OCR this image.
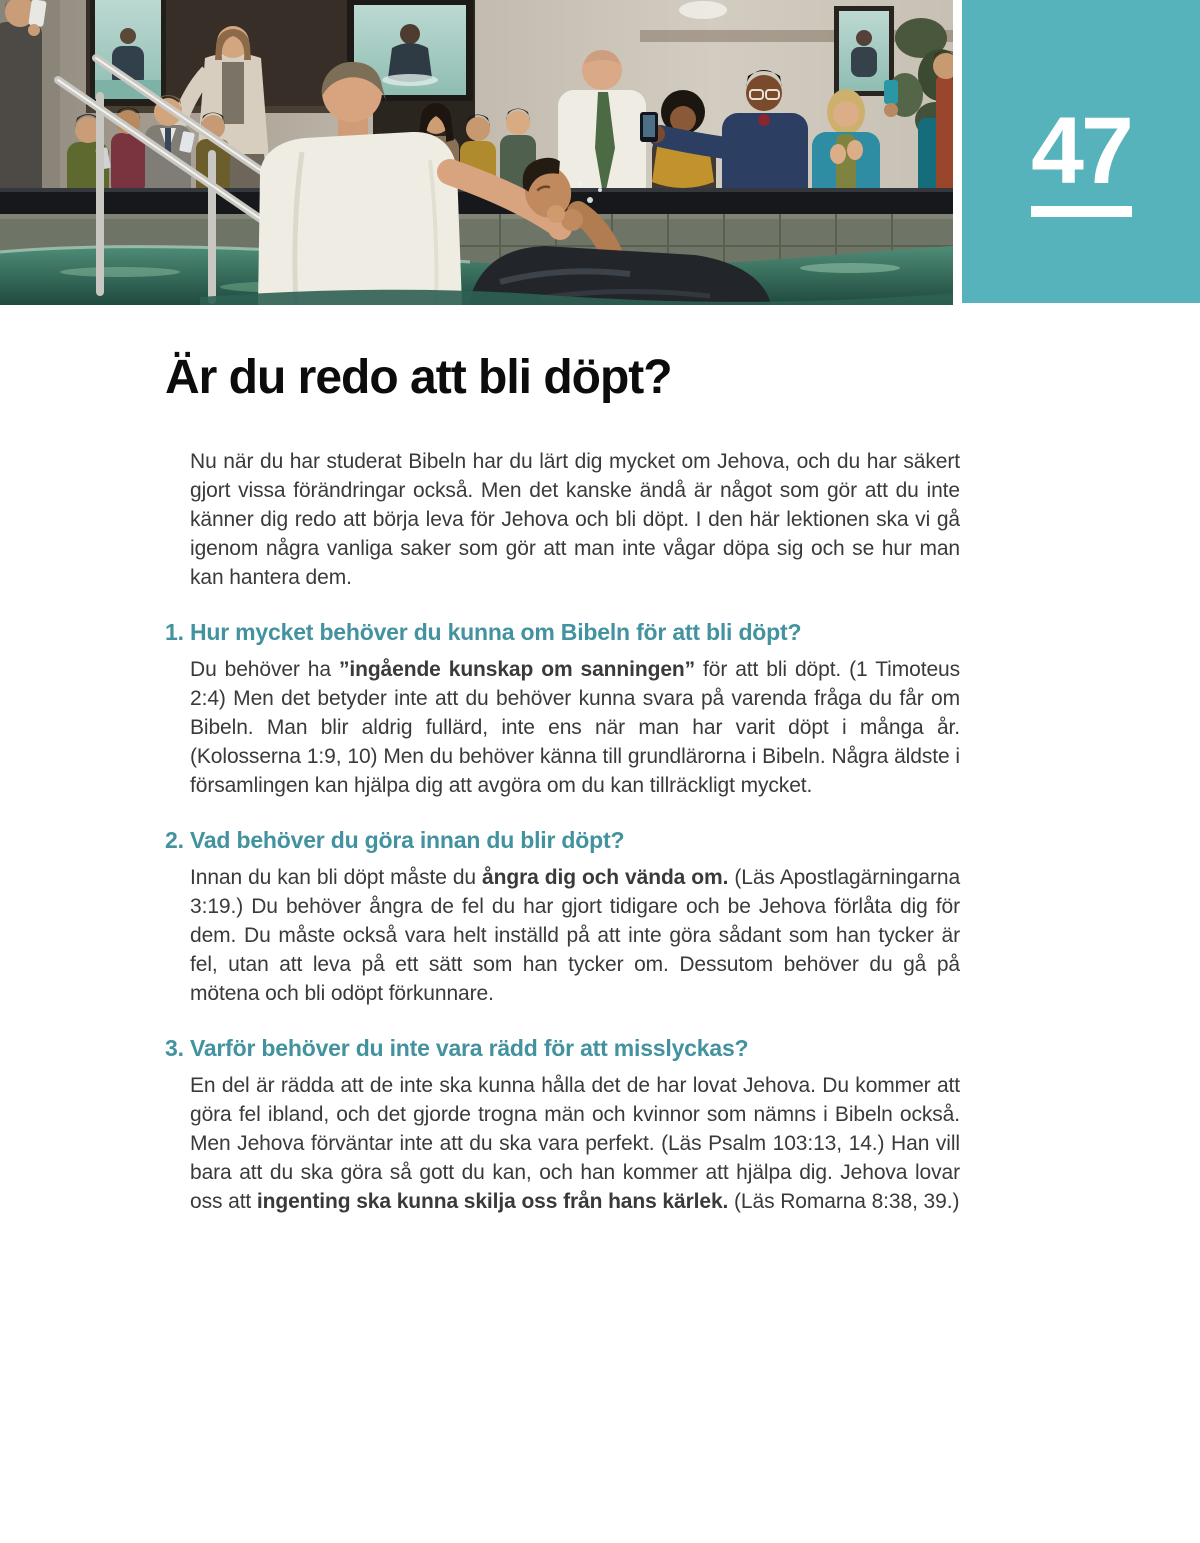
47
Är du redo att bli döpt?

Nu när du har studerat Bibeln har du lärt dig mycket om Jehova, och du har säkert gjort vissa förändringar också. Men det kanske ändå är något som gör att du inte känner dig redo att börja leva för Jehova och bli döpt. I den här lektionen ska vi gå igenom några vanliga saker som gör att man inte vågar döpa sig och se hur man kan hantera dem.

1. Hur mycket behöver du kunna om Bibeln för att bli döpt?

Du behöver ha ”ingående kunskap om sanningen” för att bli döpt. (1 Timoteus 2:4) Men det betyder inte att du behöver kunna svara på varenda fråga du får om Bibeln. Man blir aldrig fullärd, inte ens när man har varit döpt i många år. (Kolosserna 1:9, 10) Men du behöver känna till grundlärorna i Bibeln. Några äldste i församlingen kan hjälpa dig att avgöra om du kan tillräckligt mycket.

2. Vad behöver du göra innan du blir döpt?

Innan du kan bli döpt måste du ångra dig och vända om. (Läs Apostlagärningarna 3:19.) Du behöver ångra de fel du har gjort tidigare och be Jehova förlåta dig för dem. Du måste också vara helt inställd på att inte göra sådant som han tycker är fel, utan att leva på ett sätt som han tycker om. Dessutom behöver du gå på mötena och bli odöpt förkunnare.

3. Varför behöver du inte vara rädd för att misslyckas?

En del är rädda att de inte ska kunna hålla det de har lovat Jehova. Du kommer att göra fel ibland, och det gjorde trogna män och kvinnor som nämns i Bibeln också. Men Jehova förväntar inte att du ska vara perfekt. (Läs Psalm 103:13, 14.) Han vill bara att du ska göra så gott du kan, och han kommer att hjälpa dig. Jehova lovar oss att ingenting ska kunna skilja oss från hans kärlek. (Läs Romarna 8:38, 39.)
